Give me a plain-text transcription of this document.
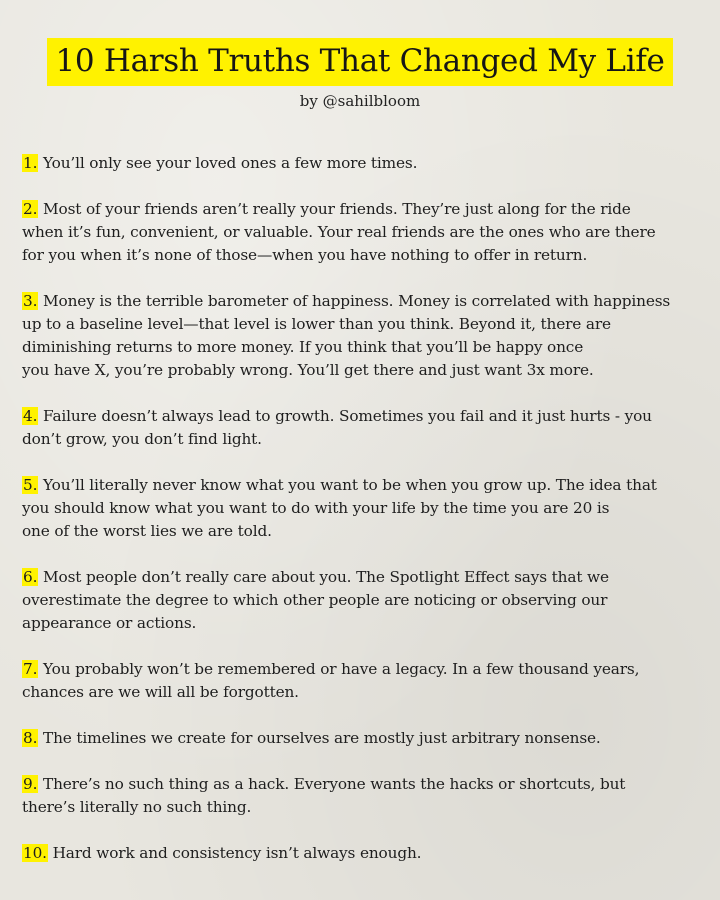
10 Harsh Truths That Changed My Life
by @sahilbloom
1. You’ll only see your loved ones a few more times.
2. Most of your friends aren’t really your friends. They’re just along for the ride
when it’s fun, convenient, or valuable. Your real friends are the ones who are there
for you when it’s none of those—when you have nothing to offer in return.
3. Money is the terrible barometer of happiness. Money is correlated with happiness
up to a baseline level—that level is lower than you think. Beyond it, there are
diminishing returns to more money. If you think that you’ll be happy once
you have X, you’re probably wrong. You’ll get there and just want 3x more.
4. Failure doesn’t always lead to growth. Sometimes you fail and it just hurts - you
don’t grow, you don’t find light.
5. You’ll literally never know what you want to be when you grow up. The idea that
you should know what you want to do with your life by the time you are 20 is
one of the worst lies we are told.
6. Most people don’t really care about you. The Spotlight Effect says that we
overestimate the degree to which other people are noticing or observing our
appearance or actions.
7. You probably won’t be remembered or have a legacy. In a few thousand years,
chances are we will all be forgotten.
8. The timelines we create for ourselves are mostly just arbitrary nonsense.
9. There’s no such thing as a hack. Everyone wants the hacks or shortcuts, but
there’s literally no such thing.
10. Hard work and consistency isn’t always enough.
